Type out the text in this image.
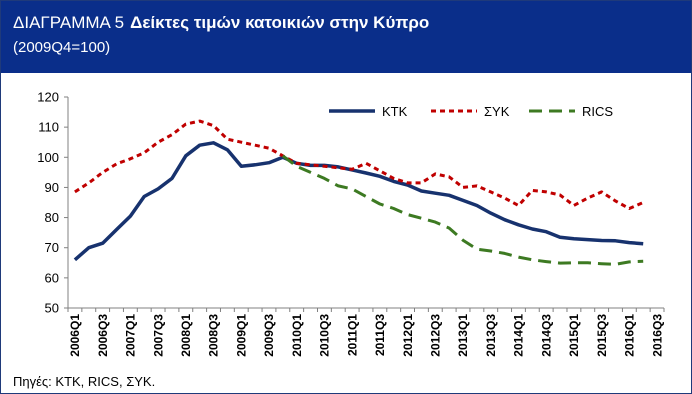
ΔΙΑΓΡΑΜΜΑ 5 Δείκτες τιμών κατοικιών στην Κύπρο
(2009Q4=100)
50
60
70
80
90
100
110
120
2006Q1 2006Q3 2007Q1 2007Q3 2008Q1 2008Q3 2009Q1 2009Q3 2010Q1 2010Q3 2011Q1 2011Q3 2012Q1 2012Q3 2013Q1 2013Q3 2014Q1 2014Q3 2015Q1 2015Q3 2016Q1 2016Q3
ΚΤΚ	ΣΥΚ	RICS
Πηγές: ΚΤΚ, RICS, ΣΥΚ.
